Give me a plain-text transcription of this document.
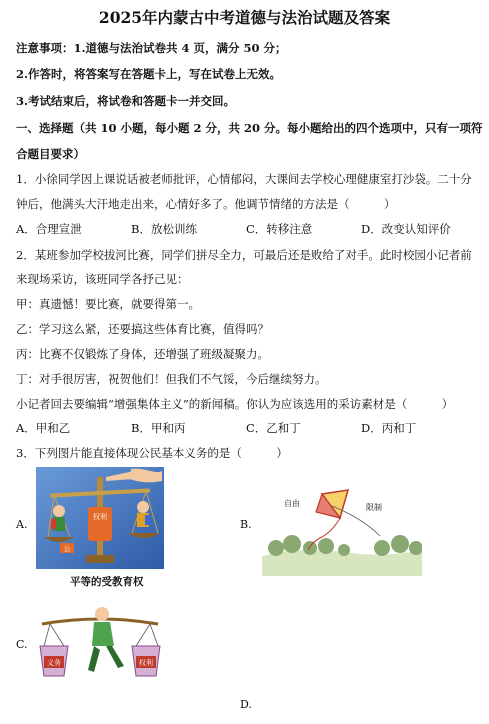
2025年内蒙古中考道德与法治试题及答案
注意事项：1.道德与法治试卷共 4 页，满分 50 分；
2.作答时，将答案写在答题卡上，写在试卷上无效。
3.考试结束后，将试卷和答题卡一并交回。
一、选择题（共 10 小题，每小题 2 分，共 20 分。每小题给出的四个选项中，只有一项符
合题目要求）
1．小徐同学因上课说话被老师批评，心情郁闷，大课间去学校心理健康室打沙袋。二十分
钟后，他满头大汗地走出来，心情好多了。他调节情绪的方法是（　　　）
A．合理宣泄	B．放松训练	C．转移注意	D．改变认知评价
2．某班参加学校拔河比赛，同学们拼尽全力，可最后还是败给了对手。此时校园小记者前
来现场采访，该班同学各抒己见：
甲：真遗憾！要比赛，就要得第一。
乙：学习这么紧，还要搞这些体育比赛，值得吗？
丙：比赛不仅锻炼了身体，还增强了班级凝聚力。
丁：对手很厉害，祝贺他们！但我们不气馁，今后继续努力。
小记者回去要编辑“增强集体主义”的新闻稿。你认为应该选用的采访素材是（　　　）
A．甲和乙	B．甲和丙	C．乙和丁	D．丙和丁
3．下列图片能直接体现公民基本义务的是（　　　）
A.
权利
公
平等的受教育权
B.
自由	限制
C.
义务	权利
D.
